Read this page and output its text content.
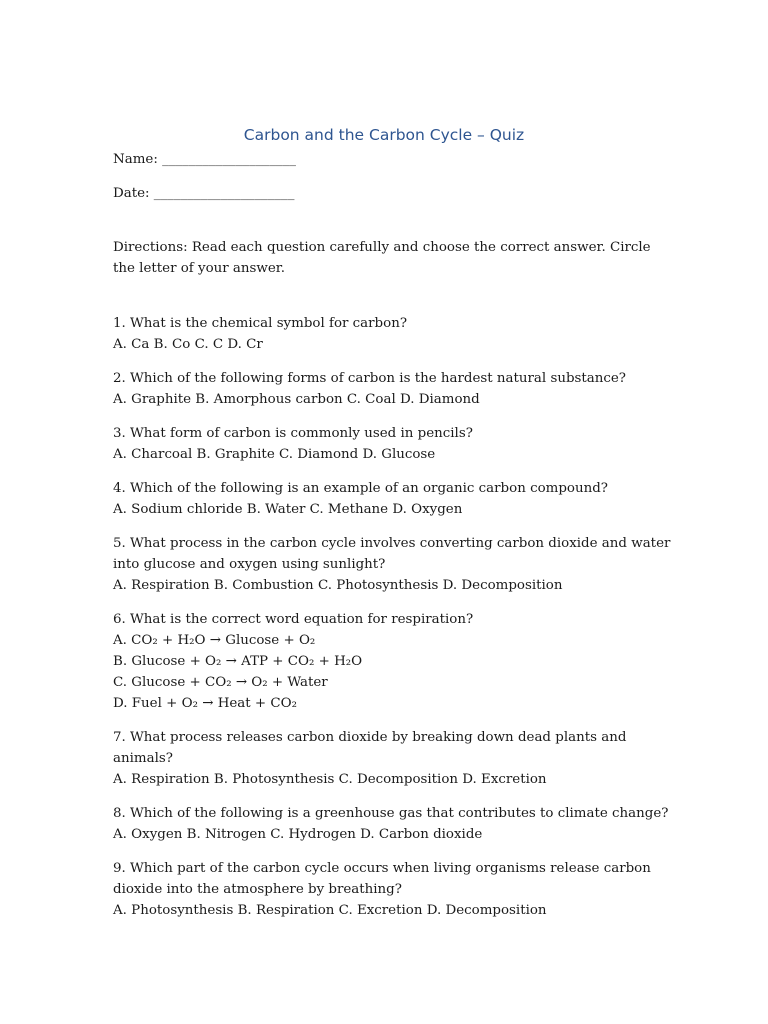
Carbon and the Carbon Cycle – Quiz
Name: ____________________
Date: _____________________
Directions: Read each question carefully and choose the correct answer. Circle the letter of your answer.
1. What is the chemical symbol for carbon?
A. Ca B. Co C. C D. Cr
2. Which of the following forms of carbon is the hardest natural substance?
A. Graphite B. Amorphous carbon C. Coal D. Diamond
3. What form of carbon is commonly used in pencils?
A. Charcoal B. Graphite C. Diamond D. Glucose
4. Which of the following is an example of an organic carbon compound?
A. Sodium chloride B. Water C. Methane D. Oxygen
5. What process in the carbon cycle involves converting carbon dioxide and water into glucose and oxygen using sunlight?
A. Respiration B. Combustion C. Photosynthesis D. Decomposition
6. What is the correct word equation for respiration?
A. CO₂ + H₂O → Glucose + O₂
B. Glucose + O₂ → ATP + CO₂ + H₂O
C. Glucose + CO₂ → O₂ + Water
D. Fuel + O₂ → Heat + CO₂
7. What process releases carbon dioxide by breaking down dead plants and animals?
A. Respiration B. Photosynthesis C. Decomposition D. Excretion
8. Which of the following is a greenhouse gas that contributes to climate change?
A. Oxygen B. Nitrogen C. Hydrogen D. Carbon dioxide
9. Which part of the carbon cycle occurs when living organisms release carbon dioxide into the atmosphere by breathing?
A. Photosynthesis B. Respiration C. Excretion D. Decomposition
